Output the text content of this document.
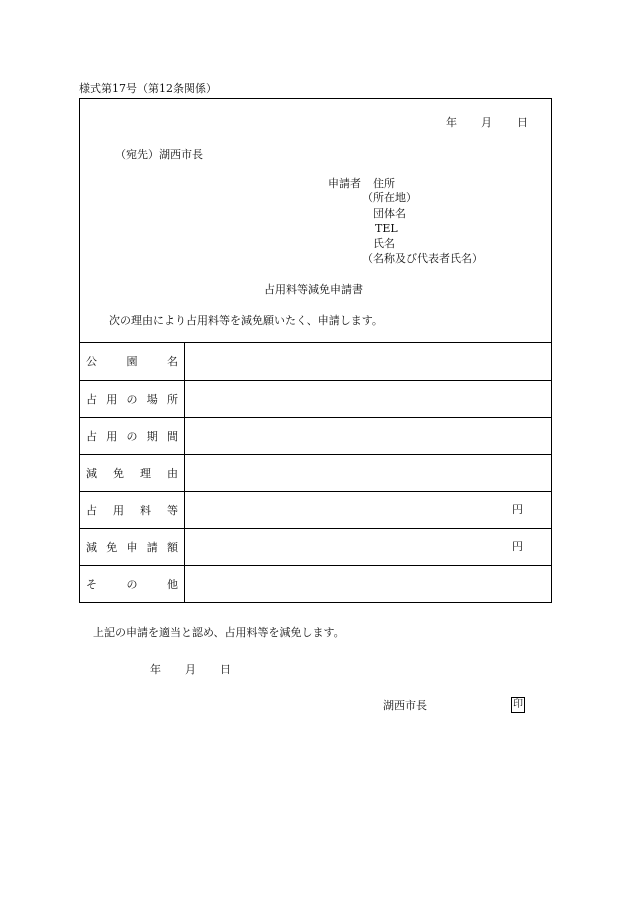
様式第17号（第12条関係）
年 月 日
（宛先）湖西市長
申請者 住所
（所在地）
団体名
TEL
氏名
（名称及び代表者氏名）
占用料等減免申請書
次の理由により占用料等を減免願いたく、申請します。
公	園	名
占 用 の 場 所
占 用 の 期 間
減 免 理 由
占 用 料 等	円
減 免 申 請 額	円
そ	の	他
上記の申請を適当と認め、占用料等を減免します。
年 月 日
湖西市長	印
